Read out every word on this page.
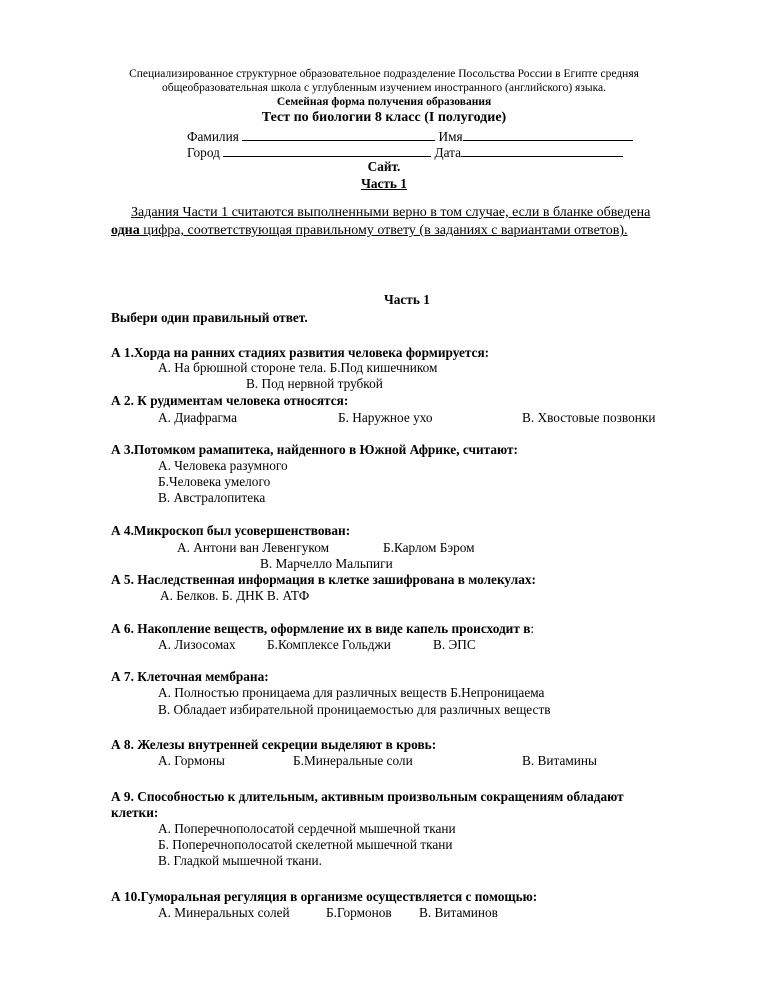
Специализированное структурное образовательное подразделение Посольства России в Египте средняя
общеобразовательная школа с углубленным изучением иностранного (английского) языка.
Семейная форма получения образования
Тест по биологии 8 класс (I полугодие)
Фамилия	Имя
Город	Дата
Сайт.
Часть 1
Задания Части 1 считаются выполненными верно в том случае, если в бланке обведена
одна цифра, соответствующая правильному ответу (в заданиях с вариантами ответов).
Часть 1
Выбери один правильный ответ.
А 1.Хорда на ранних стадиях развития человека формируется:
А. На брюшной стороне тела. Б.Под кишечником
В. Под нервной трубкой
А 2. К рудиментам человека относятся:
А. Диафрагма	Б. Наружное ухо	В. Хвостовые позвонки
А 3.Потомком рамапитека, найденного в Южной Африке, считают:
А. Человека разумного
Б.Человека умелого
В. Австралопитека
А 4.Микроскоп был усовершенствован:
А. Антони ван Левенгуком	Б.Карлом Бэром
В. Марчелло Мальпиги
А 5. Наследственная информация в клетке зашифрована в молекулах:
А. Белков. Б. ДНК В. АТФ
А 6. Накопление веществ, оформление их в виде капель происходит в:
А. Лизосомах Б.Комплексе Гольджи	В. ЭПС
А 7. Клеточная мембрана:
А. Полностью проницаема для различных веществ Б.Непроницаема
В. Обладает избирательной проницаемостью для различных веществ
А 8. Железы внутренней секреции выделяют в кровь:
А. Гормоны	Б.Минеральные соли	В. Витамины
А 9. Способностью к длительным, активным произвольным сокращениям обладают
клетки:
А. Поперечнополосатой сердечной мышечной ткани
Б. Поперечнополосатой скелетной мышечной ткани
В. Гладкой мышечной ткани.
А 10.Гуморальная регуляция в организме осуществляется с помощью:
А. Минеральных солей	Б.Гормонов В. Витаминов
